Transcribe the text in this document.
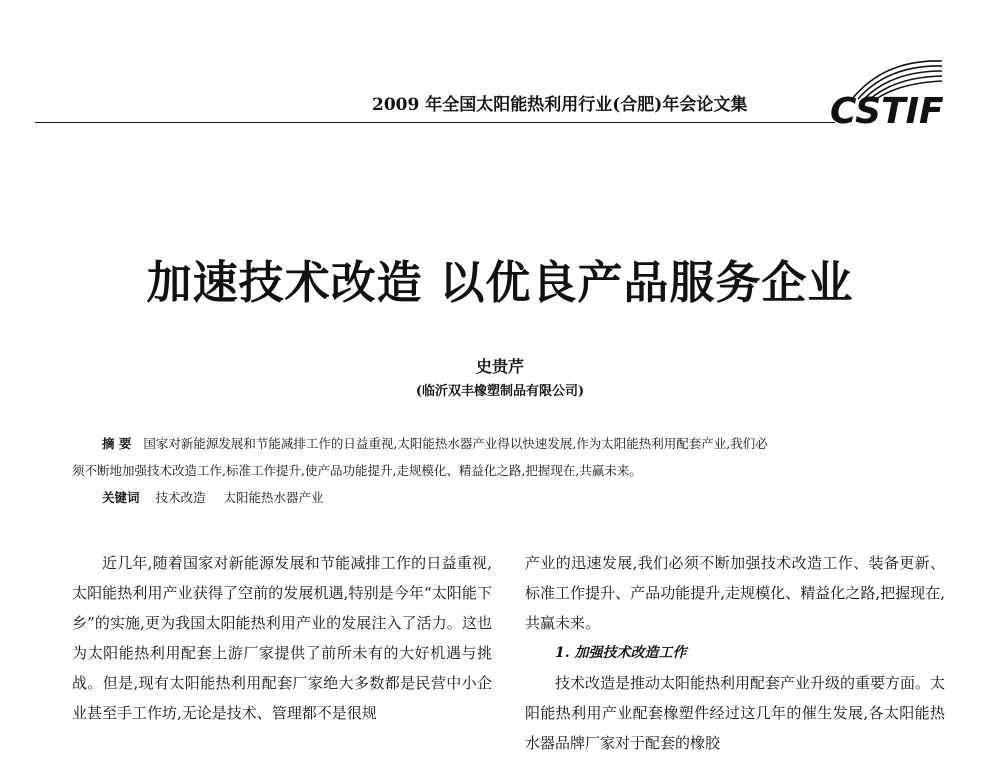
2009 年全国太阳能热利用行业(合肥)年会论文集	CSTIF
加速技术改造 以优良产品服务企业
史贵芹
(临沂双丰橡塑制品有限公司)
摘 要 国家对新能源发展和节能减排工作的日益重视,太阳能热水器产业得以快速发展,作为太阳能热利用配套产业,我们必
须不断地加强技术改造工作,标准工作提升,使产品功能提升,走规模化、精益化之路,把握现在,共赢未来。
关键词 技术改造 太阳能热水器产业

近几年,随着国家对新能源发展和节能减排工作的日益重视,太阳能热利用产业获得了空前的发展机遇,特别是今年“太阳能下乡”的实施,更为我国太阳能热利用产业的发展注入了活力。这也为太阳能热利用配套上游厂家提供了前所未有的大好机遇与挑战。但是,现有太阳能热利用配套厂家绝大多数都是民营中小企业甚至手工作坊,无论是技术、管理都不是很规

产业的迅速发展,我们必须不断加强技术改造工作、装备更新、标准工作提升、产品功能提升,走规模化、精益化之路,把握现在,共赢未来。

1. 加强技术改造工作

技术改造是推动太阳能热利用配套产业升级的重要方面。太阳能热利用产业配套橡塑件经过这几年的催生发展,各太阳能热水器品牌厂家对于配套的橡胶
